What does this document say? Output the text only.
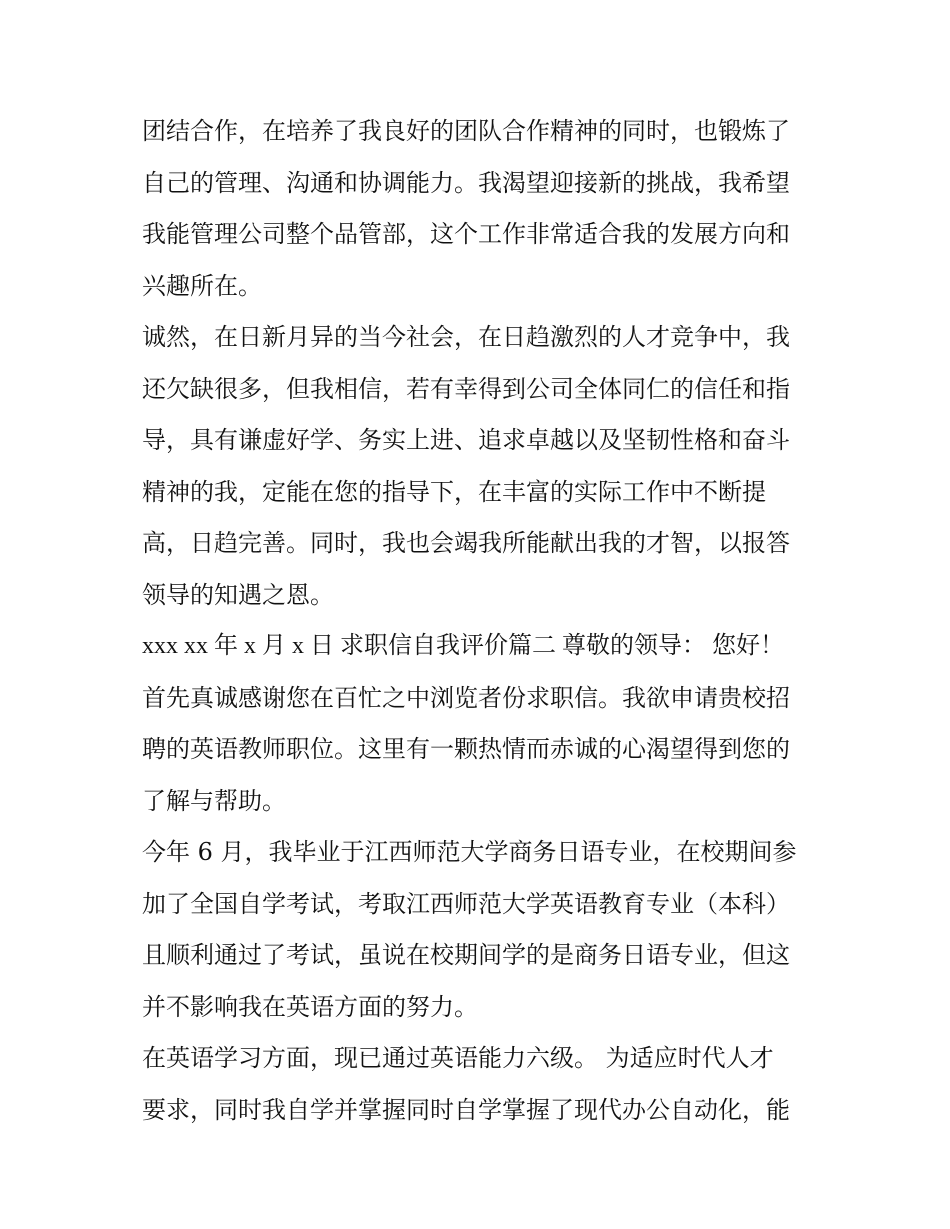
团结合作，在培养了我良好的团队合作精神的同时，也锻炼了
自己的管理、沟通和协调能力。我渴望迎接新的挑战，我希望
我能管理公司整个品管部，这个工作非常适合我的发展方向和
兴趣所在。
诚然，在日新月异的当今社会，在日趋激烈的人才竞争中，我
还欠缺很多，但我相信，若有幸得到公司全体同仁的信任和指
导，具有谦虚好学、务实上进、追求卓越以及坚韧性格和奋斗
精神的我，定能在您的指导下，在丰富的实际工作中不断提
高，日趋完善。同时，我也会竭我所能献出我的才智，以报答
领导的知遇之恩。
xxx xx 年 x 月 x 日 求职信自我评价篇二 尊敬的领导： 您好！
首先真诚感谢您在百忙之中浏览者份求职信。我欲申请贵校招
聘的英语教师职位。这里有一颗热情而赤诚的心渴望得到您的
了解与帮助。
今年 6 月，我毕业于江西师范大学商务日语专业，在校期间参
加了全国自学考试，考取江西师范大学英语教育专业（本科）
且顺利通过了考试，虽说在校期间学的是商务日语专业，但这
并不影响我在英语方面的努力。
在英语学习方面，现已通过英语能力六级。 为适应时代人才
要求，同时我自学并掌握同时自学掌握了现代办公自动化，能
